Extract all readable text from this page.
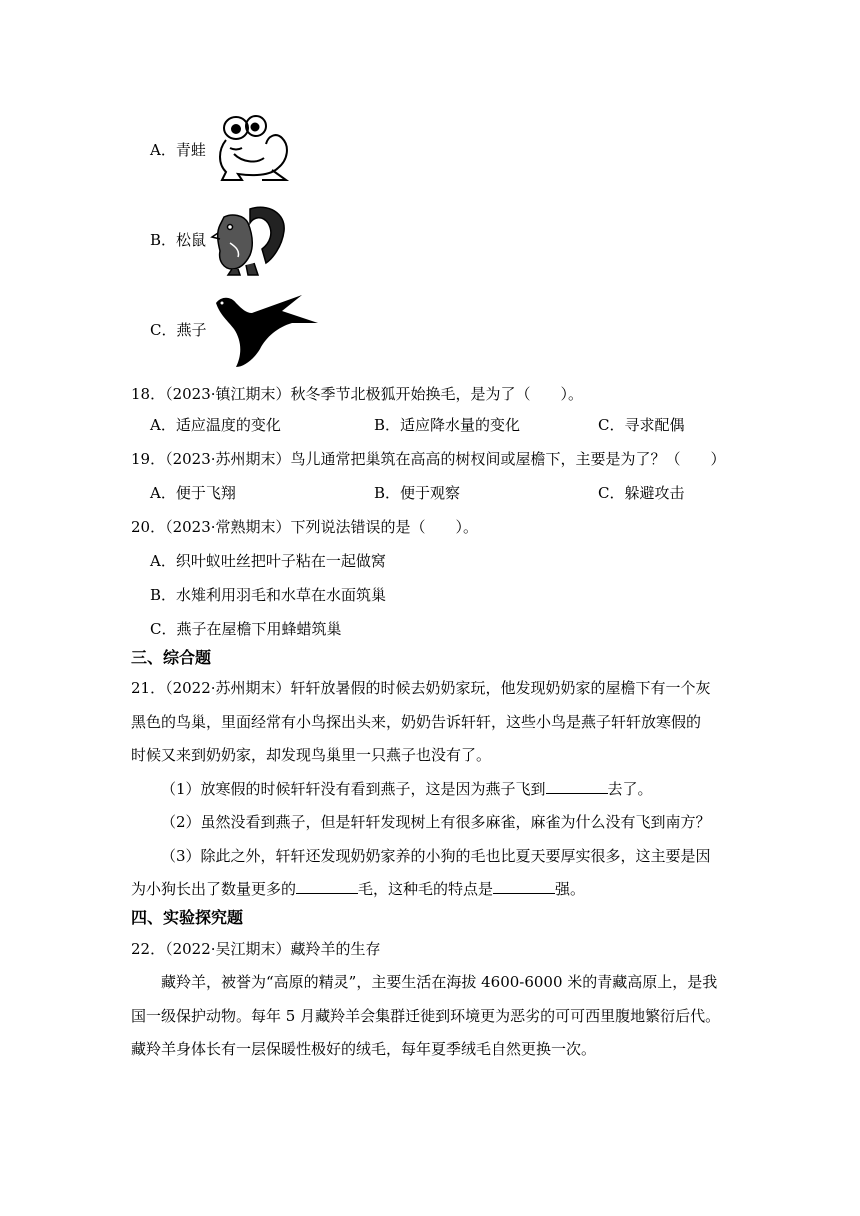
A．青蛙
B．松鼠
C．燕子
18．（2023·镇江期末）秋冬季节北极狐开始换毛，是为了（　　）。
A．适应温度的变化	B．适应降水量的变化	C．寻求配偶
19．（2023·苏州期末）鸟儿通常把巢筑在高高的树杈间或屋檐下，主要是为了？（　　）
A．便于飞翔	B．便于观察	C．躲避攻击
20．（2023·常熟期末）下列说法错误的是（　　）。
A．织叶蚁吐丝把叶子粘在一起做窝
B．水雉利用羽毛和水草在水面筑巢
C．燕子在屋檐下用蜂蜡筑巢
三、综合题
21．（2022·苏州期末）轩轩放暑假的时候去奶奶家玩，他发现奶奶家的屋檐下有一个灰
黑色的鸟巢，里面经常有小鸟探出头来，奶奶告诉轩轩，这些小鸟是燕子轩轩放寒假的
时候又来到奶奶家，却发现鸟巢里一只燕子也没有了。
（1）放寒假的时候轩轩没有看到燕子，这是因为燕子飞到	去了。
（2）虽然没看到燕子，但是轩轩发现树上有很多麻雀，麻雀为什么没有飞到南方？
（3）除此之外，轩轩还发现奶奶家养的小狗的毛也比夏天要厚实很多，这主要是因
为小狗长出了数量更多的	毛，这种毛的特点是	强。
四、实验探究题
22．（2022·吴江期末）藏羚羊的生存
藏羚羊，被誉为“高原的精灵”，主要生活在海拔 4600-6000 米的青藏高原上，是我
国一级保护动物。每年 5 月藏羚羊会集群迁徙到环境更为恶劣的可可西里腹地繁衍后代。
藏羚羊身体长有一层保暖性极好的绒毛，每年夏季绒毛自然更换一次。
